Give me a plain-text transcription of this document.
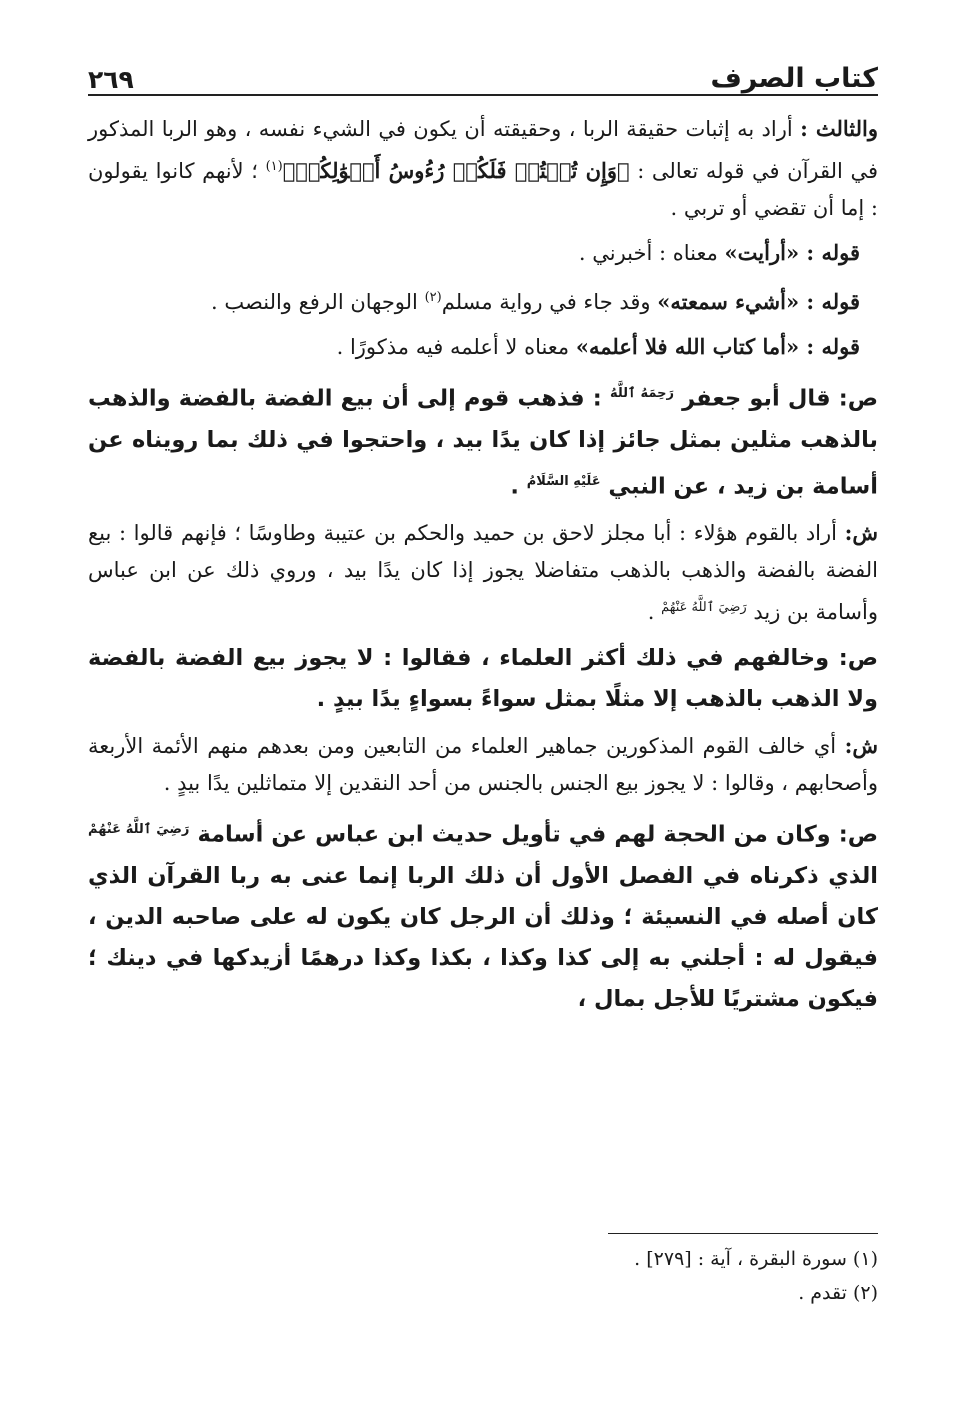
كتاب الصرف
٢٦٩

والثالث : أراد به إثبات حقيقة الربا ، وحقيقته أن يكون في الشيء نفسه ، وهو الربا المذكور في القرآن في قوله تعالى : ﴿وَإِن تُبۡتُمۡ فَلَكُمۡ رُءُوسُ أَمۡوَٰلِكُمۡ﴾$^{(١)}$ ؛ لأنهم كانوا يقولون : إما أن تقضي أو تربي .

قوله : «أرأيت» معناه : أخبرني .

قوله : «أشيء سمعته» وقد جاء في رواية مسلم$^{(٢)}$ الوجهان الرفع والنصب .

قوله : «أما كتاب الله فلا أعلمه» معناه لا أعلمه فيه مذكورًا .

ص: قال أبو جعفر $^{رَحِمَهُ ٱللَّهُ}$ : فذهب قوم إلى أن بيع الفضة بالفضة والذهب بالذهب مثلين بمثل جائز إذا كان يدًا بيد ، واحتجوا في ذلك بما رويناه عن أسامة بن زيد ، عن النبي $^{عَلَيْهِ السَّلَامُ}$ .

ش: أراد بالقوم هؤلاء : أبا مجلز لاحق بن حميد والحكم بن عتيبة وطاوسًا ؛ فإنهم قالوا : بيع الفضة بالفضة والذهب بالذهب متفاضلا يجوز إذا كان يدًا بيد ، وروي ذلك عن ابن عباس وأسامة بن زيد $^{رَضِيَ ٱللَّهُ عَنْهُمْ}$ .

ص: وخالفهم في ذلك أكثر العلماء ، فقالوا : لا يجوز بيع الفضة بالفضة ولا الذهب بالذهب إلا مثلًا بمثل سواءً بسواءٍ يدًا بيدٍ .

ش: أي خالف القوم المذكورين جماهير العلماء من التابعين ومن بعدهم منهم الأئمة الأربعة وأصحابهم ، وقالوا : لا يجوز بيع الجنس بالجنس من أحد النقدين إلا متماثلين يدًا بيدٍ .

ص: وكان من الحجة لهم في تأويل حديث ابن عباس عن أسامة $^{رَضِيَ ٱللَّهُ عَنْهُمْ}$ الذي ذكرناه في الفصل الأول أن ذلك الربا إنما عنى به ربا القرآن الذي كان أصله في النسيئة ؛ وذلك أن الرجل كان يكون له على صاحبه الدين ، فيقول له : أجلني به إلى كذا وكذا ، بكذا وكذا درهمًا أزيدكها في دينك ؛ فيكون مشتريًا للأجل بمال ،

(١) سورة البقرة ، آية : [٢٧٩] .
(٢) تقدم .
